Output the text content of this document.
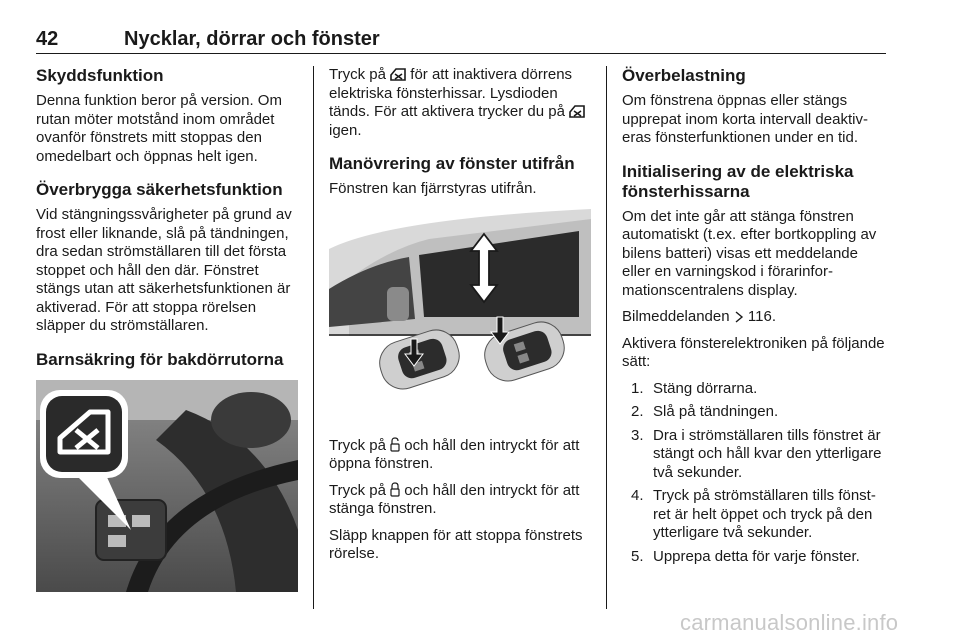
42	Nycklar, dörrar och fönster
Skyddsfunktion

Denna funktion beror på version. Om rutan möter motstånd inom området ovanför fönstrets mitt stoppas den omedelbart och öppnas helt igen.

Överbrygga säkerhetsfunktion

Vid stängningssvårigheter på grund av frost eller liknande, slå på tändningen, dra sedan strömställaren till det första stoppet och håll den där. Fönstret stängs utan att säkerhetsfunktionen är aktiverad. För att stoppa rörelsen släpper du strömställaren.

Barnsäkring för bakdörrutorna

Tryck på för att inaktivera dörrens elektriska fönsterhissar. Lysdioden tänds. För att aktivera trycker du på  igen.

Manövrering av fönster utifrån

Fönstren kan fjärrstyras utifrån.

Tryck på och håll den intryckt för att öppna fönstren.

Tryck på och håll den intryckt för att stänga fönstren.

Släpp knappen för att stoppa fönstrets rörelse.

Överbelastning

Om fönstrena öppnas eller stängs upprepat inom korta intervall deaktiveras fönsterfunktionen under en tid.

Initialisering av de elektriska fönsterhissarna

Om det inte går att stänga fönstren automatiskt (t.ex. efter bortkoppling av bilens batteri) visas ett meddelande eller en varningskod i förarinformationscentralens display.

Bilmeddelanden 116.

Aktivera fönsterelektroniken på följande sätt:

1. Stäng dörrarna.
2. Slå på tändningen.
3. Dra i strömställaren tills fönstret är stängt och håll kvar den ytterligare två sekunder.
4. Tryck på strömställaren tills fönstret är helt öppet och tryck på den ytterligare två sekunder.
5. Upprepa detta för varje fönster.
carmanualsonline.info
